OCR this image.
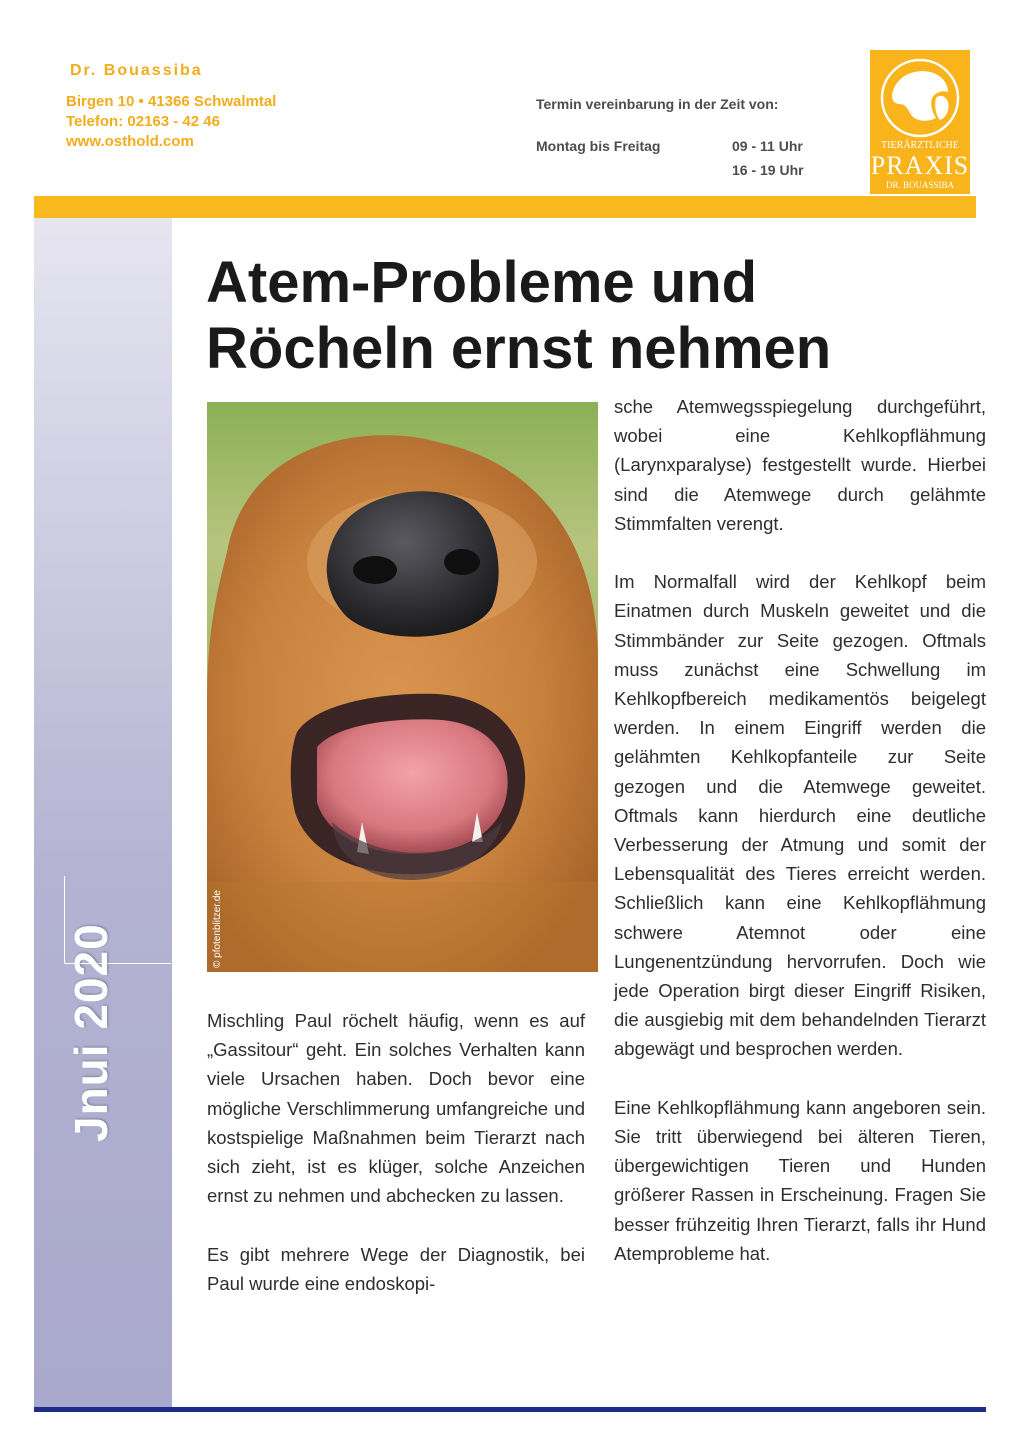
Dr. Bouassiba
Birgen 10 • 41366 Schwalmtal
Telefon: 02163 - 42 46
www.osthold.com
Termin vereinbarung in der Zeit von:
Montag bis Freitag	09 - 11 Uhr
16 - 19 Uhr
TIERÄRZTLICHE
PRAXIS
DR. BOUASSIBA
Jnui 2020
Atem-Probleme und
Röcheln ernst nehmen
© pfotenblitzer.de

Mischling Paul röchelt häufig, wenn es auf „Gassitour“ geht. Ein solches Verhalten kann viele Ursachen haben. Doch bevor eine mögliche Verschlimmerung umfangreiche und kostspielige Maßnahmen beim Tierarzt nach sich zieht, ist es klüger, solche Anzeichen ernst zu nehmen und abchecken zu lassen.

Es gibt mehrere Wege der Diagnostik, bei Paul wurde eine endoskopi-

sche Atemwegsspiegelung durchgeführt, wobei eine Kehlkopflähmung (Larynxparalyse) festgestellt wurde. Hierbei sind die Atemwege durch gelähmte Stimmfalten verengt.

Im Normalfall wird der Kehlkopf beim Einatmen durch Muskeln geweitet und die Stimmbänder zur Seite gezogen. Oftmals muss zunächst eine Schwellung im Kehlkopfbereich medikamentös beigelegt werden. In einem Eingriff werden die gelähmten Kehlkopfanteile zur Seite gezogen und die Atemwege geweitet. Oftmals kann hierdurch eine deutliche Verbesserung der Atmung und somit der Lebensqualität des Tieres erreicht werden. Schließlich kann eine Kehlkopflähmung schwere Atemnot oder eine Lungenentzündung hervorrufen. Doch wie jede Operation birgt dieser Eingriff Risiken, die ausgiebig mit dem behandelnden Tierarzt abgewägt und besprochen werden.

Eine Kehlkopflähmung kann angeboren sein. Sie tritt überwiegend bei älteren Tieren, übergewichtigen Tieren und Hunden größerer Rassen in Erscheinung. Fragen Sie besser frühzeitig Ihren Tierarzt, falls ihr Hund Atemprobleme hat.
